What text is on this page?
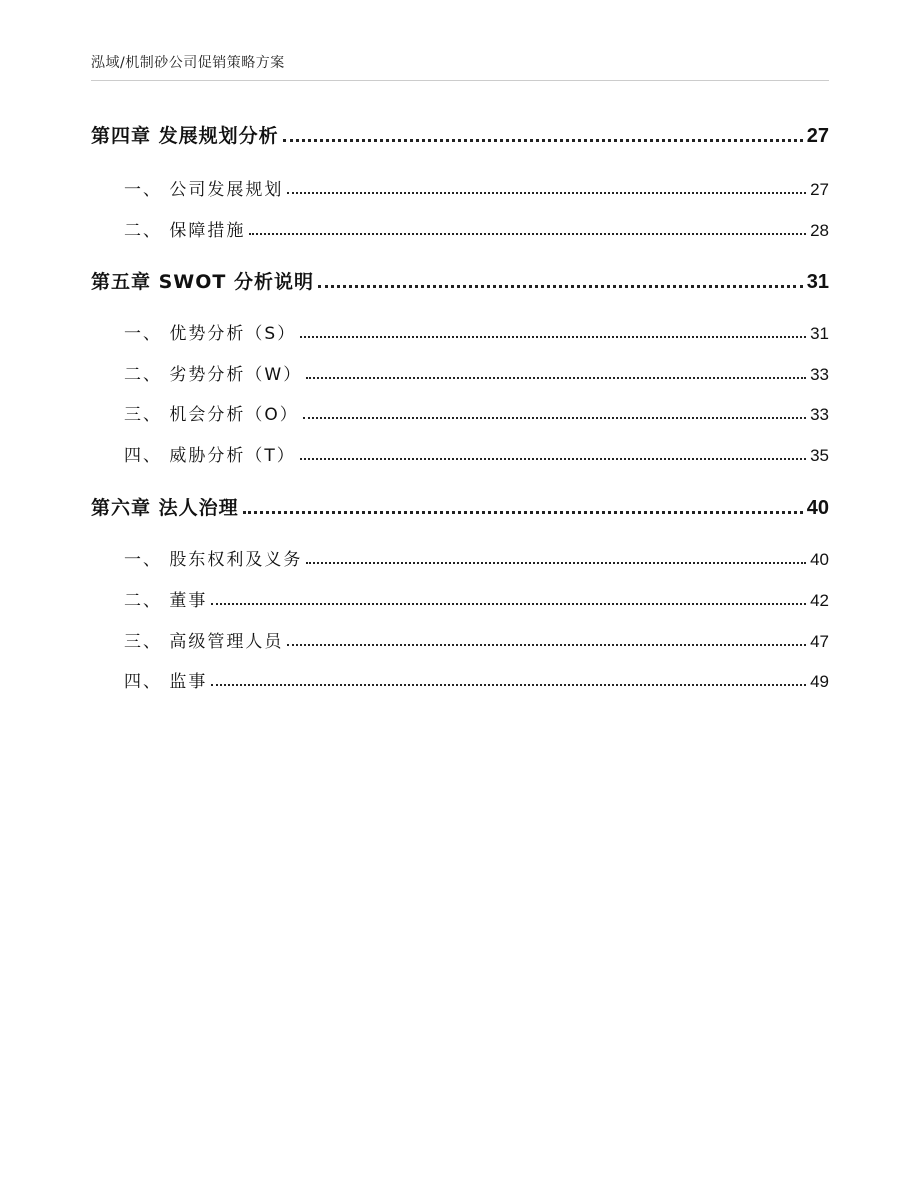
泓域/机制砂公司促销策略方案
第四章 发展规划分析	27
一、 公司发展规划	27
二、 保障措施	28
第五章 SWOT 分析说明	31
一、 优势分析（S）	31
二、 劣势分析（W）	33
三、 机会分析（O）	33
四、 威胁分析（T）	35
第六章 法人治理	40
一、 股东权利及义务	40
二、 董事	42
三、 高级管理人员	47
四、 监事	49
